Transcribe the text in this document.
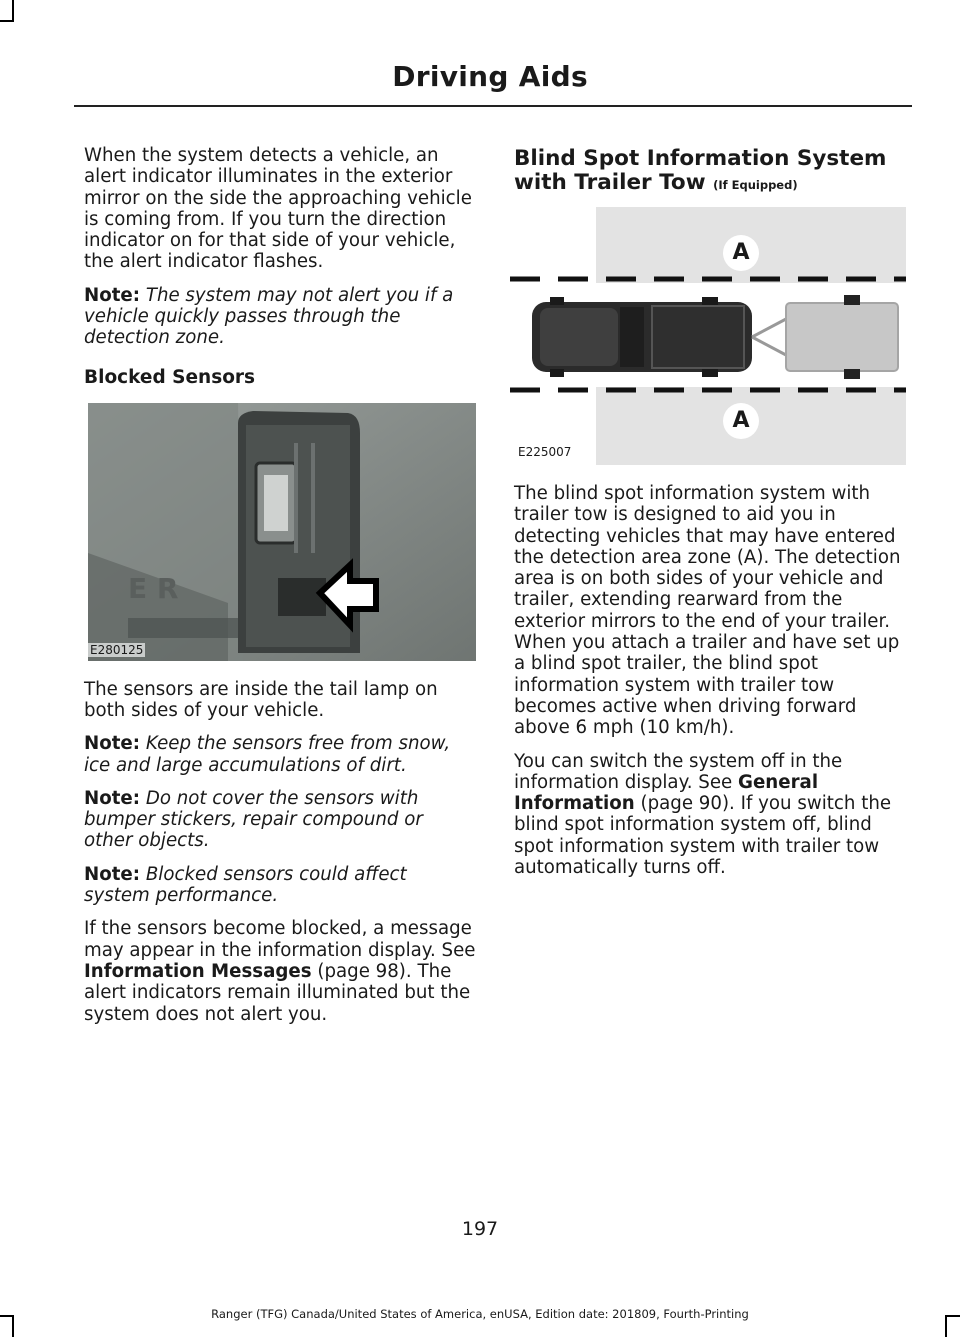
Driving Aids

When the system detects a vehicle, an alert indicator illuminates in the exterior mirror on the side the approaching vehicle is coming from. If you turn the direction indicator on for that side of your vehicle, the alert indicator flashes.

Note: The system may not alert you if a vehicle quickly passes through the detection zone.

Blocked Sensors
E R
E280125

The sensors are inside the tail lamp on both sides of your vehicle.

Note: Keep the sensors free from snow, ice and large accumulations of dirt.

Note: Do not cover the sensors with bumper stickers, repair compound or other objects.

Note: Blocked sensors could affect system performance.

If the sensors become blocked, a message may appear in the information display. See Information Messages (page 98). The alert indicators remain illuminated but the system does not alert you.

Blind Spot Information System with Trailer Tow (If Equipped)
A
A
E225007

The blind spot information system with trailer tow is designed to aid you in detecting vehicles that may have entered the detection area zone (A). The detection area is on both sides of your vehicle and trailer, extending rearward from the exterior mirrors to the end of your trailer. When you attach a trailer and have set up a blind spot trailer, the blind spot information system with trailer tow becomes active when driving forward above 6 mph (10 km/h).

You can switch the system off in the information display. See General Information (page 90). If you switch the blind spot information system off, blind spot information system with trailer tow automatically turns off.

197
Ranger (TFG) Canada/United States of America, enUSA, Edition date: 201809, Fourth-Printing
